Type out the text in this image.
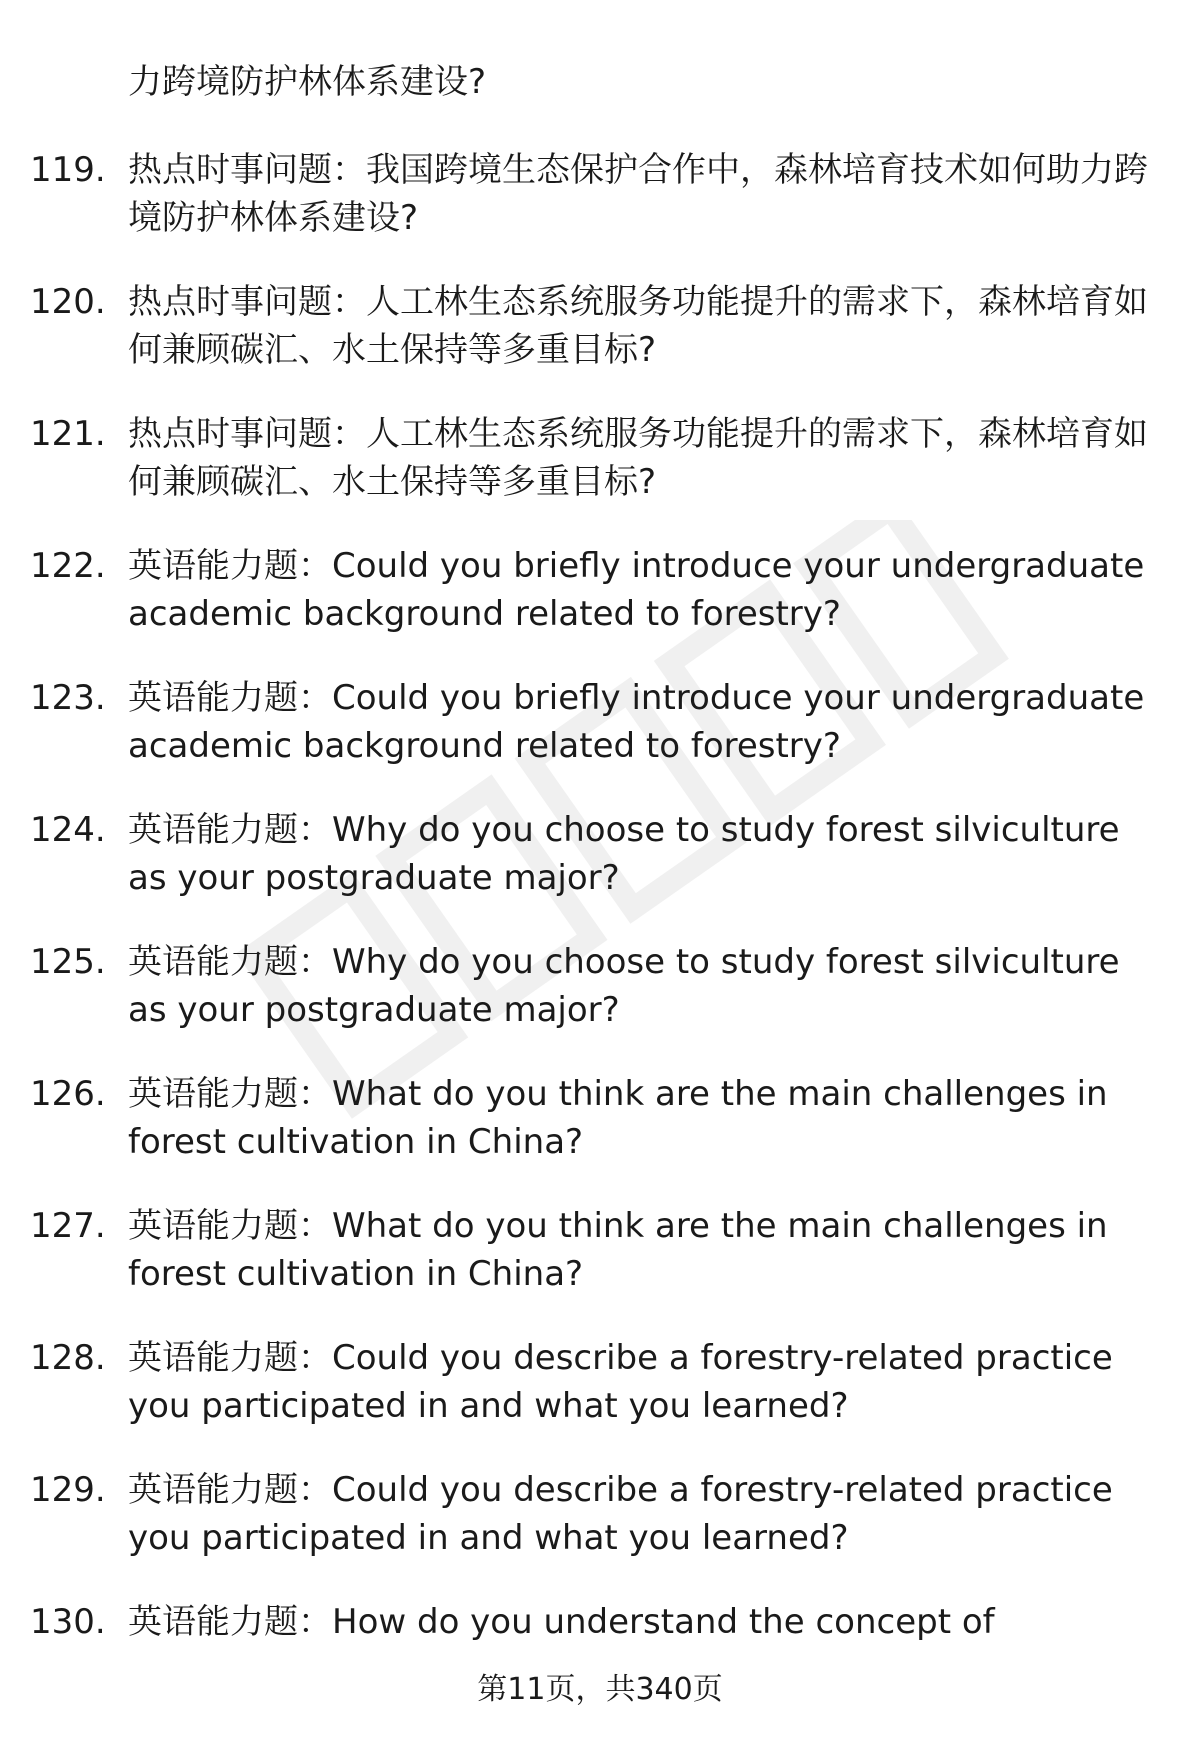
力跨境防护林体系建设?
119. 热点时事问题：我国跨境生态保护合作中，森林培育技术如何助力跨境防护林体系建设?
120. 热点时事问题：人工林生态系统服务功能提升的需求下，森林培育如何兼顾碳汇、水土保持等多重目标?
121. 热点时事问题：人工林生态系统服务功能提升的需求下，森林培育如何兼顾碳汇、水土保持等多重目标?
122. 英语能力题：Could you briefly introduce your undergraduate academic background related to forestry?
123. 英语能力题：Could you briefly introduce your undergraduate academic background related to forestry?
124. 英语能力题：Why do you choose to study forest silviculture as your postgraduate major?
125. 英语能力题：Why do you choose to study forest silviculture as your postgraduate major?
126. 英语能力题：What do you think are the main challenges in forest cultivation in China?
127. 英语能力题：What do you think are the main challenges in forest cultivation in China?
128. 英语能力题：Could you describe a forestry-related practice you participated in and what you learned?
129. 英语能力题：Could you describe a forestry-related practice you participated in and what you learned?
130. 英语能力题：How do you understand the concept of
第11页，共340页
